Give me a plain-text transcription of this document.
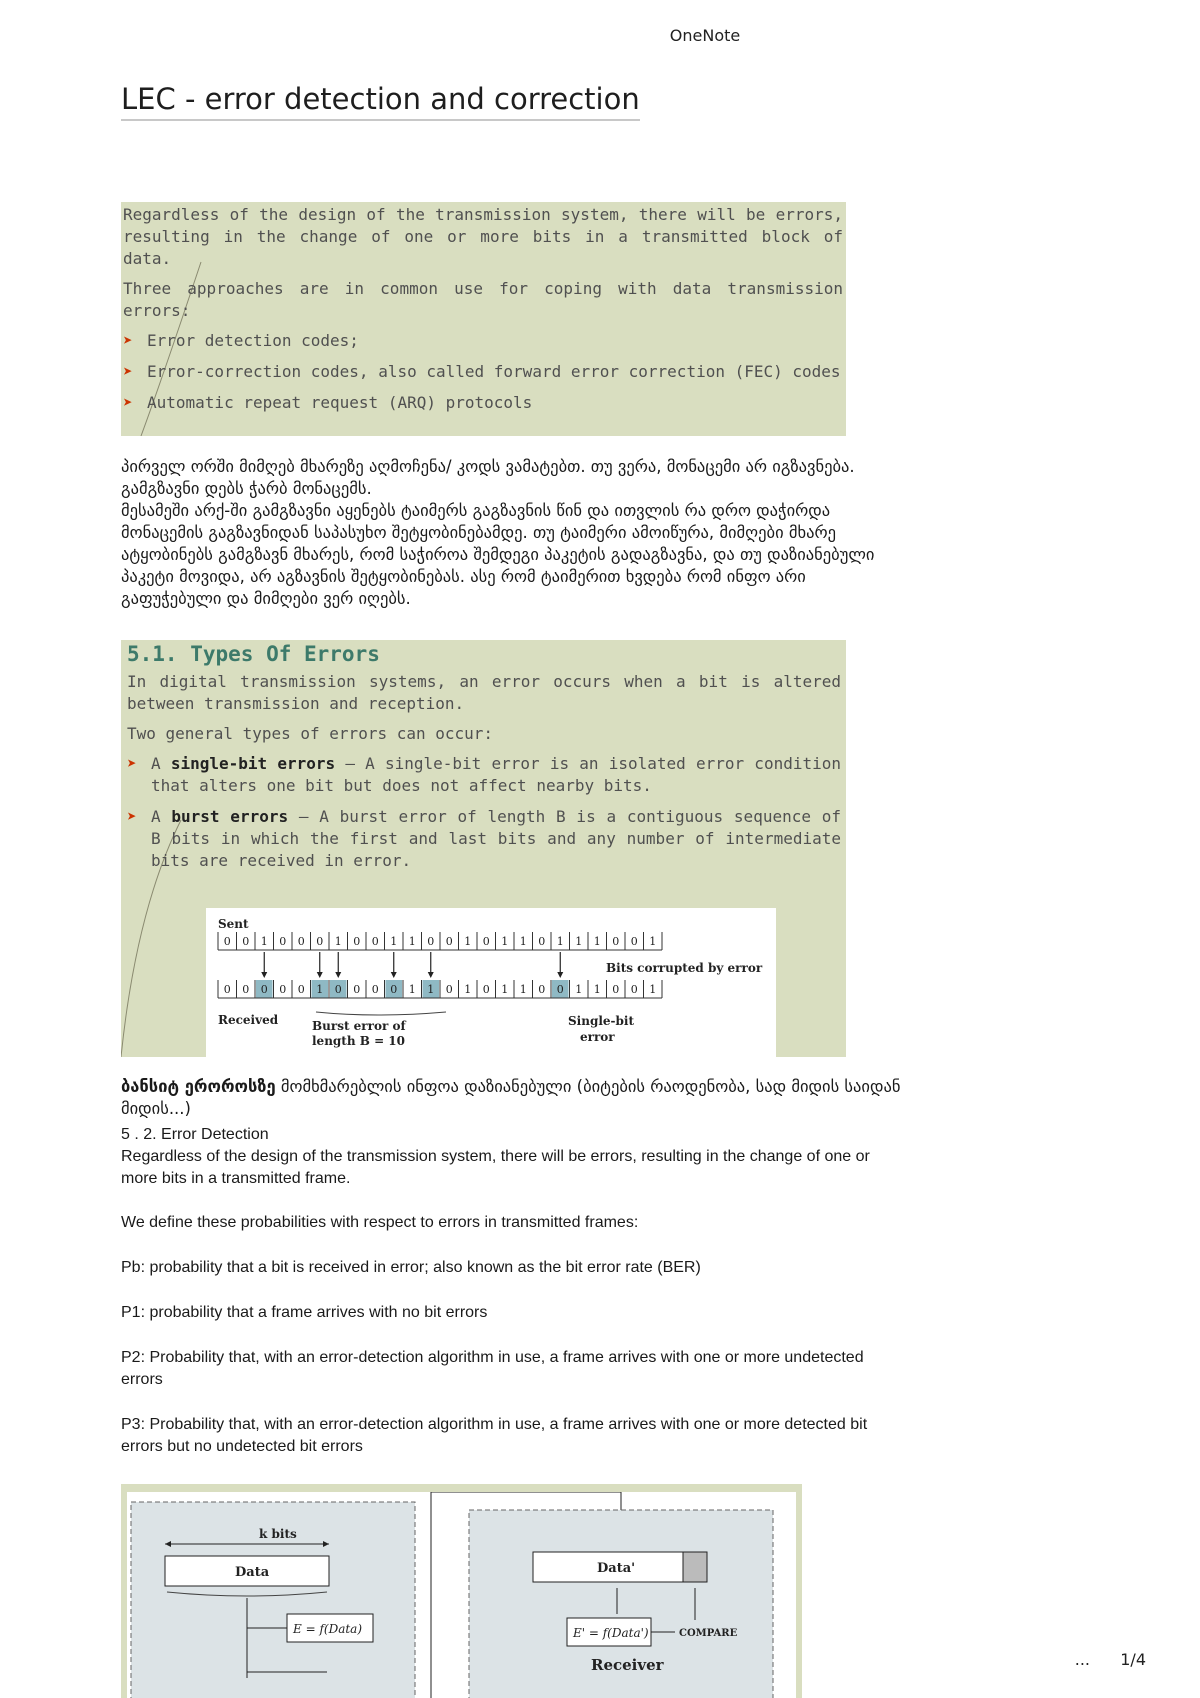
OneNote
LEC - error detection and correction

Regardless of the design of the transmission system, there will be errors, resulting in the change of one or more bits in a transmitted block of data.

Three approaches are in common use for coping with data transmission errors:

➤ Error detection codes;
➤ Error-correction codes, also called forward error correction (FEC) codes
➤ Automatic repeat request (ARQ) protocols
პირველ ორში მიმღებ მხარეზე აღმოჩენა/ კოდს ვამატებთ. თუ ვერა, მონაცემი არ იგზავნება. გამგზავნი დებს ჭარბ მონაცემს.
მესამეში არქ-ში გამგზავნი აყენებს ტაიმერს გაგზავნის წინ და ითვლის რა დრო დაჭირდა მონაცემის გაგზავნიდან საპასუხო შეტყობინებამდე. თუ ტაიმერი ამოიწურა, მიმღები მხარე ატყობინებს გამგზავნ მხარეს, რომ საჭიროა შემდეგი პაკეტის გადაგზავნა, და თუ დაზიანებული პაკეტი მოვიდა, არ აგზავნის შეტყობინებას. ასე რომ ტაიმერით ხვდება რომ ინფო არი გაფუჭებული და მიმღები ვერ იღებს.

5.1. Types Of Errors

In digital transmission systems, an error occurs when a bit is altered between transmission and reception.

Two general types of errors can occur:

➤ A single-bit errors – A single-bit error is an isolated error condition that alters one bit but does not affect nearby bits.
➤ A burst errors – A burst error of length B is a contiguous sequence of B bits in which the first and last bits and any number of intermediate bits are received in error.
Sent
0 0 1 0 0 0 1 0 0 1 1 0 0 1 0 1 1 0 1 1 1 0 0 1
Bits corrupted by error
0 0 0 0 0 1 0 0 0 0 1 1 0 1 0 1 1 0 0 1 1 0 0 1
Received	Burst error of
length B = 10
Single-bit
error
ბანსიტ ეროროსზე მომხმარებლის ინფოა დაზიანებული (ბიტების რაოდენობა, სად მიდის საიდან მიდის...)
5 . 2. Error Detection
Regardless of the design of the transmission system, there will be errors, resulting in the change of one or more bits in a transmitted frame.
We define these probabilities with respect to errors in transmitted frames:
Pb: probability that a bit is received in error; also known as the bit error rate (BER)
P1: probability that a frame arrives with no bit errors
P2: Probability that, with an error-detection algorithm in use, a frame arrives with one or more undetected errors
P3: Probability that, with an error-detection algorithm in use, a frame arrives with one or more detected bit errors but no undetected bit errors
k bits
Data
E = f(Data)
Data'
E' = f(Data')	COMPARE
Receiver	... 1/4
